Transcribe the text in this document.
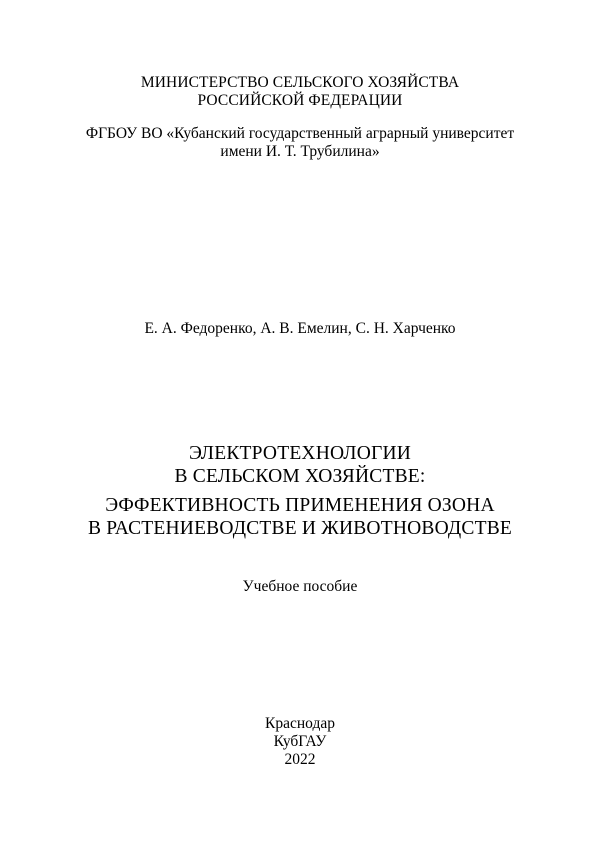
МИНИСТЕРСТВО СЕЛЬСКОГО ХОЗЯЙСТВА
РОССИЙСКОЙ ФЕДЕРАЦИИ
ФГБОУ ВО «Кубанский государственный аграрный университет
имени И. Т. Трубилина»
Е. А. Федоренко, А. В. Емелин, С. Н. Харченко
ЭЛЕКТРОТЕХНОЛОГИИ
В СЕЛЬСКОМ ХОЗЯЙСТВЕ:
ЭФФЕКТИВНОСТЬ ПРИМЕНЕНИЯ ОЗОНА
В РАСТЕНИЕВОДСТВЕ И ЖИВОТНОВОДСТВЕ
Учебное пособие
Краснодар
КубГАУ
2022
